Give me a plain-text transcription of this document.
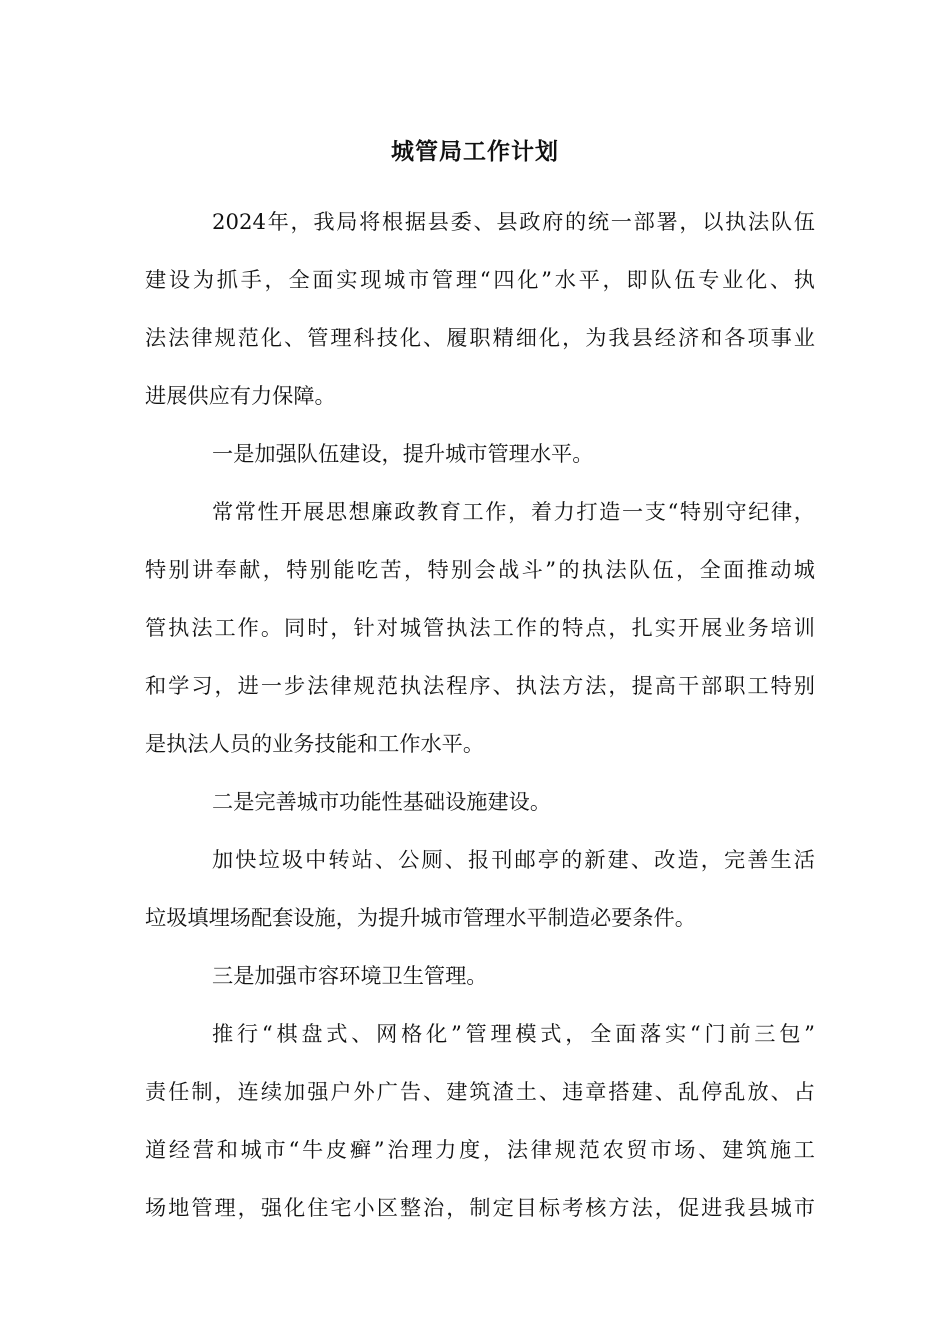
城管局工作计划
2024年，我局将根据县委、县政府的统一部署，以执法队伍
建设为抓手，全面实现城市管理“四化”水平，即队伍专业化、执
法法律规范化、管理科技化、履职精细化，为我县经济和各项事业
进展供应有力保障。
一是加强队伍建设，提升城市管理水平。
常常性开展思想廉政教育工作，着力打造一支“特别守纪律，
特别讲奉献，特别能吃苦，特别会战斗”的执法队伍，全面推动城
管执法工作。同时，针对城管执法工作的特点，扎实开展业务培训
和学习，进一步法律规范执法程序、执法方法，提高干部职工特别
是执法人员的业务技能和工作水平。
二是完善城市功能性基础设施建设。
加快垃圾中转站、公厕、报刊邮亭的新建、改造，完善生活
垃圾填埋场配套设施，为提升城市管理水平制造必要条件。
三是加强市容环境卫生管理。
推行“棋盘式、网格化”管理模式，全面落实“门前三包”
责任制，连续加强户外广告、建筑渣土、违章搭建、乱停乱放、占
道经营和城市“牛皮癣”治理力度，法律规范农贸市场、建筑施工
场地管理，强化住宅小区整治，制定目标考核方法，促进我县城市
